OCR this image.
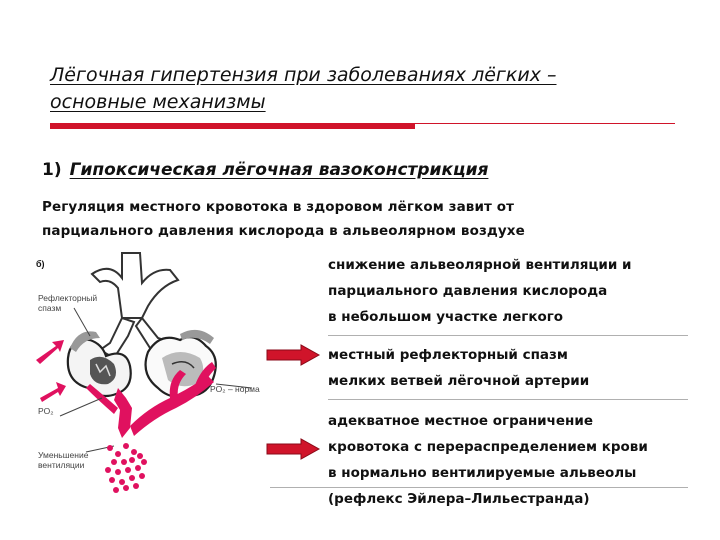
Лёгочная гипертензия при заболеваниях лёгких –
основные механизмы
1) Гипоксическая лёгочная вазоконстрикция
Регуляция местного кровотока в здоровом лёгком завит от
парциального давления кислорода в альвеолярном воздухе
б)
Рефлекторный
спазм
PO₂ – норма
PO₂
Уменьшение
вентиляции
снижение альвеолярной вентиляции и
парциального давления кислорода
в небольшом участке легкого
местный рефлекторный спазм
мелких ветвей лёгочной артерии
адекватное местное ограничение
кровотока с перераспределением крови
в нормально вентилируемые альвеолы
(рефлекс Эйлера–Лильестранда)
